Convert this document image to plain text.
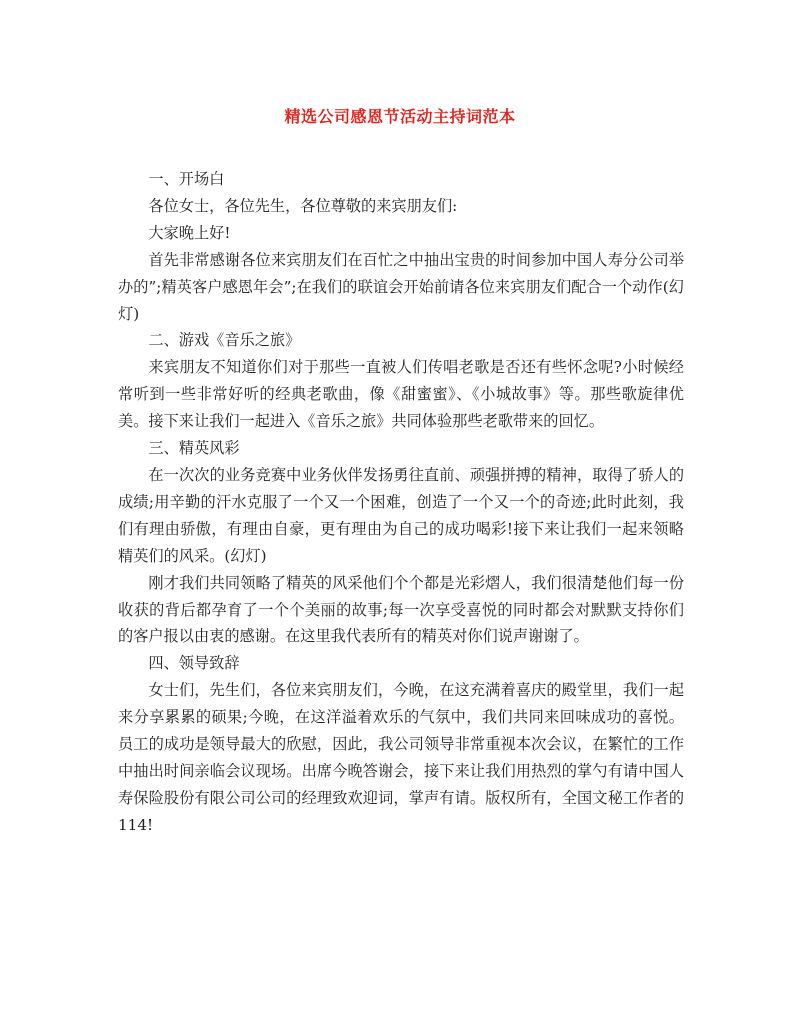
精选公司感恩节活动主持词范本

一、开场白

各位女士，各位先生，各位尊敬的来宾朋友们:

大家晚上好!

首先非常感谢各位来宾朋友们在百忙之中抽出宝贵的时间参加中国人寿分公司举办的”;精英客户感恩年会”;在我们的联谊会开始前请各位来宾朋友们配合一个动作(幻灯)

二、游戏《音乐之旅》

来宾朋友不知道你们对于那些一直被人们传唱老歌是否还有些怀念呢?小时候经常听到一些非常好听的经典老歌曲，像《甜蜜蜜》、《小城故事》等。那些歌旋律优美。接下来让我们一起进入《音乐之旅》共同体验那些老歌带来的回忆。

三、精英风彩

在一次次的业务竞赛中业务伙伴发扬勇往直前、顽强拼搏的精神，取得了骄人的成绩;用辛勤的汗水克服了一个又一个困难，创造了一个又一个的奇迹;此时此刻，我们有理由骄傲，有理由自豪，更有理由为自己的成功喝彩!接下来让我们一起来领略精英们的风采。(幻灯)

刚才我们共同领略了精英的风采他们个个都是光彩熠人，我们很清楚他们每一份收获的背后都孕育了一个个美丽的故事;每一次享受喜悦的同时都会对默默支持你们的客户报以由衷的感谢。在这里我代表所有的精英对你们说声谢谢了。

四、领导致辞

女士们，先生们，各位来宾朋友们，今晚，在这充满着喜庆的殿堂里，我们一起来分享累累的硕果;今晚，在这洋溢着欢乐的气氛中，我们共同来回味成功的喜悦。员工的成功是领导最大的欣慰，因此，我公司领导非常重视本次会议，在繁忙的工作中抽出时间亲临会议现场。出席今晚答谢会，接下来让我们用热烈的掌勺有请中国人寿保险股份有限公司公司的经理致欢迎词，掌声有请。版权所有，全国文秘工作者的114!
